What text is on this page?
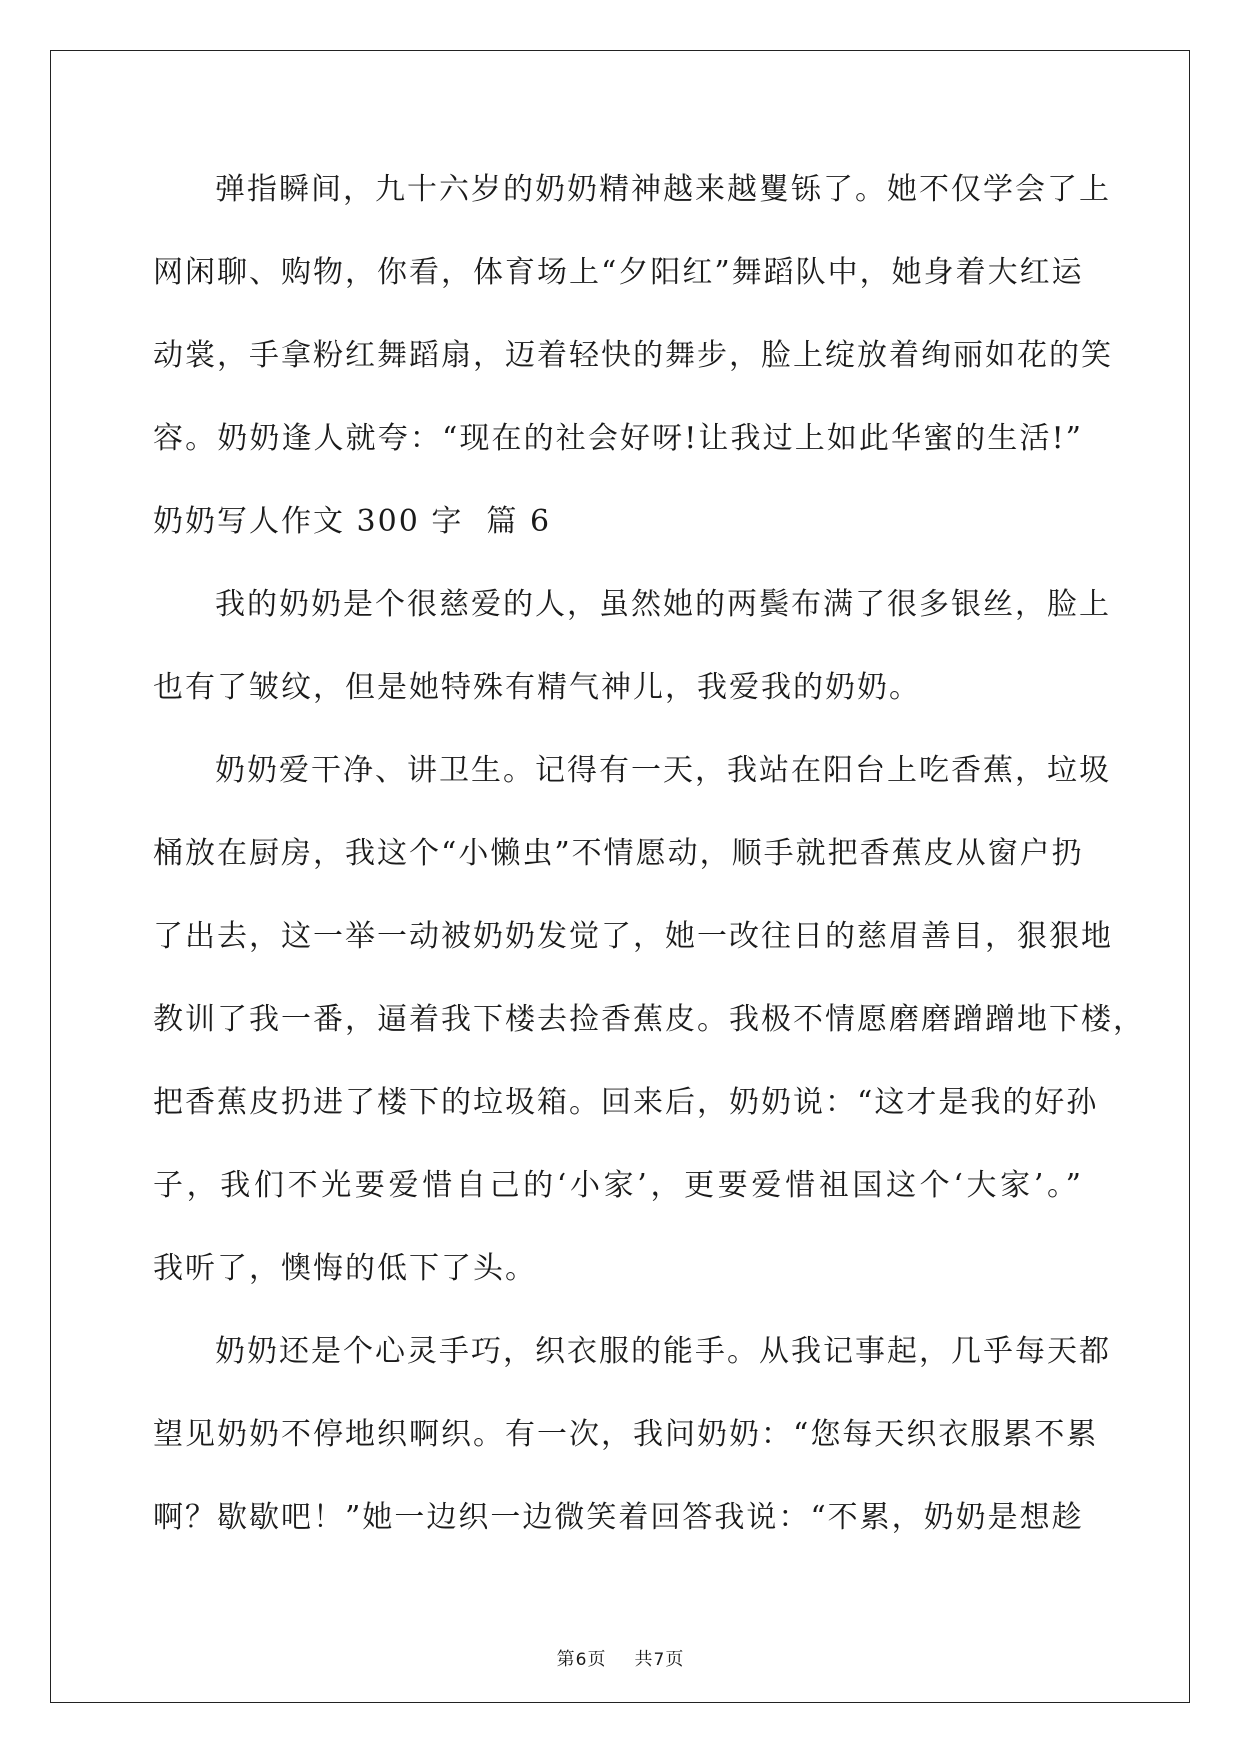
弹指瞬间，九十六岁的奶奶精神越来越矍铄了。她不仅学会了上
网闲聊、购物，你看，体育场上“夕阳红”舞蹈队中，她身着大红运
动裳，手拿粉红舞蹈扇，迈着轻快的舞步，脸上绽放着绚丽如花的笑
容。奶奶逢人就夸：“现在的社会好呀!让我过上如此华蜜的生活!”
奶奶写人作文 300 字  篇 6
我的奶奶是个很慈爱的人，虽然她的两鬓布满了很多银丝，脸上
也有了皱纹，但是她特殊有精气神儿，我爱我的奶奶。
奶奶爱干净、讲卫生。记得有一天，我站在阳台上吃香蕉，垃圾
桶放在厨房，我这个“小懒虫”不情愿动，顺手就把香蕉皮从窗户扔
了出去，这一举一动被奶奶发觉了，她一改往日的慈眉善目，狠狠地
教训了我一番，逼着我下楼去捡香蕉皮。我极不情愿磨磨蹭蹭地下楼，
把香蕉皮扔进了楼下的垃圾箱。回来后，奶奶说：“这才是我的好孙
子，我们不光要爱惜自己的‘小家’，更要爱惜祖国这个‘大家’。”
我听了，懊悔的低下了头。
奶奶还是个心灵手巧，织衣服的能手。从我记事起，几乎每天都
望见奶奶不停地织啊织。有一次，我问奶奶：“您每天织衣服累不累
啊？歇歇吧！”她一边织一边微笑着回答我说：“不累，奶奶是想趁
第6页 共7页
